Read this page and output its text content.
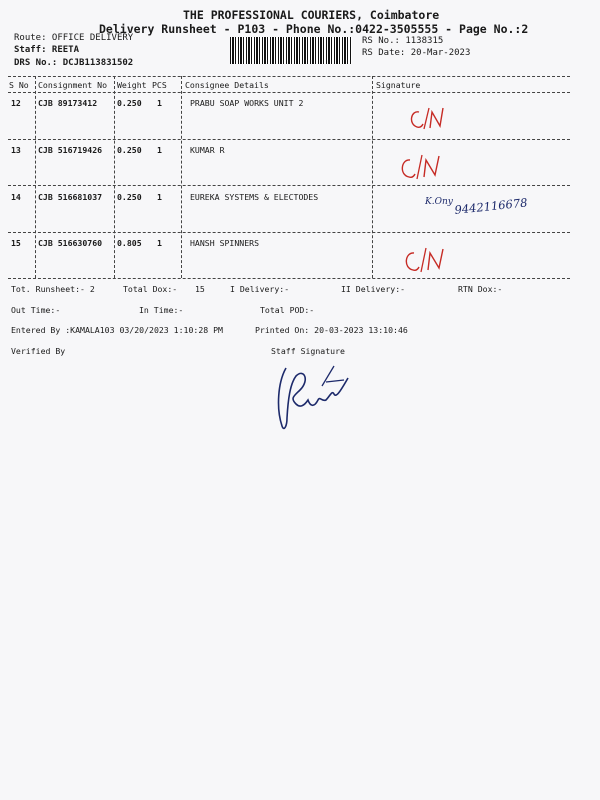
THE PROFESSIONAL COURIERS, Coimbatore
Delivery Runsheet - P103 - Phone No.:0422-3505555 - Page No.:2
Route: OFFICE DELIVERY
Staff: REETA
DRS No.: DCJB113831502
RS No.: 1138315
RS Date: 20-Mar-2023
S No Consignment No Weight PCS Consignee Details	Signature
12 CJB 89173412 0.250 1	PRABU SOAP WORKS UNIT 2
13 CJB 516719426 0.250 1	KUMAR R
14 CJB 516681037 0.250 1	EUREKA SYSTEMS & ELECTODES
15 CJB 516630760 0.805 1	HANSH SPINNERS
K.Ony 9442116678
Tot. Runsheet:- 2	Total Dox:- 15	I Delivery:-	II Delivery:-	RTN Dox:-
Out Time:-	In Time:-	Total POD:-
Entered By :KAMALA103 03/20/2023 1:10:28 PM	Printed On: 20-03-2023 13:10:46
Verified By	Staff Signature
